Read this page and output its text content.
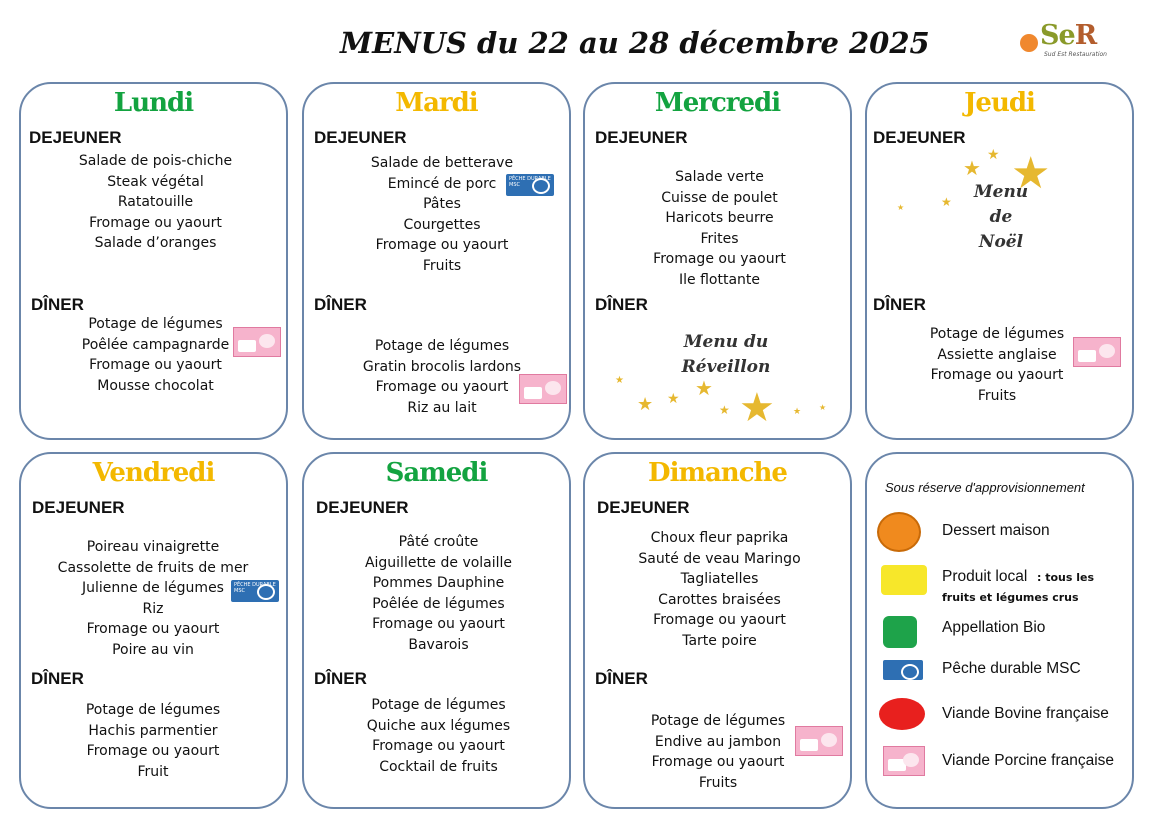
MENUS du 22 au 28 décembre 2025	SeR
Sud Est Restauration
Lundi
DEJEUNER
Salade de pois-chiche
Steak végétal
Ratatouille
Fromage ou yaourt
Salade d’oranges
DÎNER
Potage de légumes
Poêlée campagnarde
Fromage ou yaourt
Mousse chocolat
Mardi
DEJEUNER
Salade de betterave
Emincé de porc
Pâtes
Courgettes
Fromage ou yaourt
Fruits
PÊCHE DURABLE MSC
DÎNER
Potage de légumes
Gratin brocolis lardons
Fromage ou yaourt
Riz au lait
Mercredi
DEJEUNER
Salade verte
Cuisse de poulet
Haricots beurre
Frites
Fromage ou yaourt
Ile flottante
DÎNER
Menu du
Réveillon
★
★
★
★
★
★	★ ★
Jeudi
DEJEUNER
Menu
de
Noël
★
★
★
★
★
DÎNER
Potage de légumes
Assiette anglaise
Fromage ou yaourt
Fruits
Vendredi
DEJEUNER
Poireau vinaigrette
Cassolette de fruits de mer
Julienne de légumes
Riz
Fromage ou yaourt
Poire au vin
PÊCHE DURABLE MSC
DÎNER
Potage de légumes
Hachis parmentier
Fromage ou yaourt
Fruit
Samedi
DEJEUNER
Pâté croûte
Aiguillette de volaille
Pommes Dauphine
Poêlée de légumes
Fromage ou yaourt
Bavarois
DÎNER
Potage de légumes
Quiche aux légumes
Fromage ou yaourt
Cocktail de fruits
Dimanche
DEJEUNER
Choux fleur paprika
Sauté de veau Maringo
Tagliatelles
Carottes braisées
Fromage ou yaourt
Tarte poire
DÎNER
Potage de légumes
Endive au jambon
Fromage ou yaourt
Fruits
Sous réserve d'approvisionnement
Dessert maison
Produit local : tous les
fruits et légumes crus
Appellation Bio
Pêche durable MSC
Viande Bovine française
Viande Porcine française
